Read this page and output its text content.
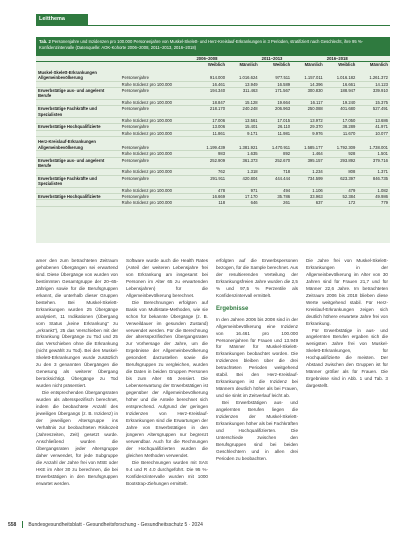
Leitthema
Tab. 2 Personenjahre und Inzidenzen pro 100.000 Personenjahre von Muskel-Skelett- und Herz-Kreislauf-Erkrankungen in 3 Perioden, stratifiziert nach Geschlecht, ihre 95 %-Konfidenzintervalle (Datenquelle: AOK-Kohorte 2006–2008, 2011–2013, 2016–2018)
		2006–2008		2011–2013		2016–2018	
		Weiblich	Männlich	Weiblich	Männlich	Weiblich	Männlich
Muskel-Skelett-Erkrankungen							
Allgemeinbevölkerung	Personenjahre	914.000	1.016.624	977.511	1.157.011	1.016.182	1.261.372
	Rohe Inzidenz pro 100.000	16.461	13.949	16.589	14.396	16.661	14.123
Erwerbstätige aus- und angelernt Berufe	Personenjahre	194.340	311.463	171.567	300.830	188.947	339.910
	Rohe Inzidenz pro 100.000	18.847	15.128	19.664	16.117	19.240	15.375
Erwerbstätige Fachkräfte und Spezialisten	Personenjahre	218.170	240.248	206.963	250.088	401.680	527.491
	Rohe Inzidenz pro 100.000	17.006	13.561	17.015	13.972	17.050	13.686
Erwerbstätige Hochqualifizierte	Personenjahre	13.006	15.401	26.110	29.370	38.289	41.971
	Rohe Inzidenz pro 100.000	11.861	9.171	11.981	9.976	11.670	10.077
Herz-Kreislauf-Erkrankungen							
Allgemeinbevölkerung	Personenjahre	1.199.439	1.381.921	1.470.911	1.585.177	1.792.309	1.738.001
	Rohe Inzidenz pro 100.000	983	1.635	892	1.464	928	1.501
Erwerbstätige aus- und angelernt Berufe	Personenjahre	252.909	361.373	252.670	395.157	293.892	379.716
	Rohe Inzidenz pro 100.000	762	1.318	718	1.234	808	1.371
Erwerbstätige Fachkräfte und Spezialisten	Personenjahre	291.911	420.804	444.444	734.599	623.397	846.735
	Rohe Inzidenz pro 100.000	478	971	494	1.106	479	1.082
Erwerbstätige Hochqualifizierte	Personenjahre	16.669	17.170	35.786	33.963	52.384	49.986
	Rohe Inzidenz pro 100.000	118	646	261	637	172	779

amer den zum betrachteten Zeitraum gehobenen Übergängen sei erwartend sind. Diese Übergänge von wurden von bestimmten Gesamtgruppe der 20–65-Jährigen sowie für die Berufsgruppen erkannt, die unterhalb dieser Gruppen bestehen. Bei Muskel-Skelett-Erkrankungen wurden 25 Übergänge analysiert, 11 Indikationen (Übergang vom Status „keine Erkrankung“ zu „erkrankt“), 25 das Verschieben mit der Erkrankung Übergänge zu Tod und 25 das Verschieben ohne die Erkrankung (nicht gewählt zu Tod). Bei den Muskel-Skelett-Erkrankungen wurde zusätzlich zu den 3 genannten Übergängen die Genesung als weiterer Übergang berücksichtigt. Übergänge zu Tod wurden nicht präsentiert.

Die entsprechenden Übergangsraten wurden als altersspezifisch berechnet, indem die beobachtete Anzahl des jeweiligen Übergangs (z. B. Inzidenz) in der jeweiligen Altersgruppe ins Verhältnis zur beobachteten Risikozeit (Jahreszeiten, Zeit) gesetzt wurde. Anschließend wurden die Übergangsraten jeder Altersgruppe daher verwendet, für jede Subgruppe die Anzahl der Jahre frei von MSE oder HKE im Alter 30 zu berechnen, die bei Erwerbstätigen in den Berufsgruppen erwartet werden.

Software wurde auch die Health Rates (Anteil der weiteren Lebensjahre frei von Erkrankung am insgesamt bei Personen im Alter 65 zu erwartenden Lebensjahren) für die Allgemeinbevölkerung berechnet.

Die Berechnungen erfolgten auf Basis von Multistate-Methoden, wie sie schon für bekannte Übergänge (z. B. Verweildauer im gesunden Zustand) verwendet werden. Für die Berechnung der altersspezifischen Übergangsraten zur Vorhersage der Jahre, um die Ergebnisse der Allgemeinbevölkerung gesondert darzustellen sowie die Berufsgruppen zu vergleichen, wurden die Daten in beiden Gruppen Personen bis zum Alter 65 zensiert. Die Lebenserwartung der Erwerbstätigen ist gegenüber der Allgemeinbevölkerung höher und die Anteile berechnet sich entsprechend. Aufgrund der geringen Inzidenzen von Herz-Kreislauf-Erkrankungen sind die Erwartungen der Jahre von Erwerbstätigen in den jüngeren Altersgruppen nur begrenzt verwendbar. Auch für die Rechnungen der Hochqualifizierten wurden die gleichen Methoden verwendet.

Die Berechnungen wurden mit SAS 9.4 und R 4.0 durchgeführt. Die 95 %-Konfidenzintervalle wurden mit 1000 Bootstrap-Ziehungen ermittelt.

erfolgten auf die Erwerbspersonen bezogen, für die Sample berechnet. Aus der resultierenden Verteilung der Erkrankungsfreien Jahre wurden die 2,5 % und 97,5 % Perzentile als Konfidenzintervall ermittelt.

Ergebnisse

In den Jahren 2006 bis 2008 sind in der Allgemeinbevölkerung eine Inzidenz von 16.461 pro 100.000 Personenjahren für Frauen und 13.949 für Männer für Muskel-Skelett-Erkrankungen beobachtet worden. Die Inzidenzen bleiben über die drei betrachteten Perioden weitgehend stabil. Bei den Herz-Kreislauf-Erkrankungen ist die Inzidenz bei Männern deutlich höher als bei Frauen, und sie sinkt im Zeitverlauf leicht ab.

Bei Erwerbstätigen aus- und angelernten Berufen liegen die Inzidenzen der Muskel-Skelett-Erkrankungen höher als bei Fachkräften und Hochqualifizierten. Die Unterschiede zwischen den Berufsgruppen sind bei beiden Geschlechtern und in allen drei Perioden zu beobachten.

Die Jahre frei von Muskel-Skelett-Erkrankungen in der Allgemeinbevölkerung im Alter von 30 Jahren sind für Frauen 21,7 und für Männer 22,6 Jahre. Im betrachteten Zeitraum 2006 bis 2018 blieben diese Werte weitgehend stabil. Für Herz-Kreislauf-Erkrankungen zeigen sich deutlich höhere erwartete Jahre frei von Erkrankung.

Für Erwerbstätige in aus- und angelernten Berufen ergaben sich die wenigsten Jahre frei von Muskel-Skelett-Erkrankungen, für Hochqualifizierte die meisten. Der Abstand zwischen den Gruppen ist für Männer größer als für Frauen. Die Ergebnisse sind in Abb. 1 und Tab. 3 dargestellt.

558 Bundesgesundheitsblatt - Gesundheitsforschung - Gesundheitsschutz 5 · 2024
